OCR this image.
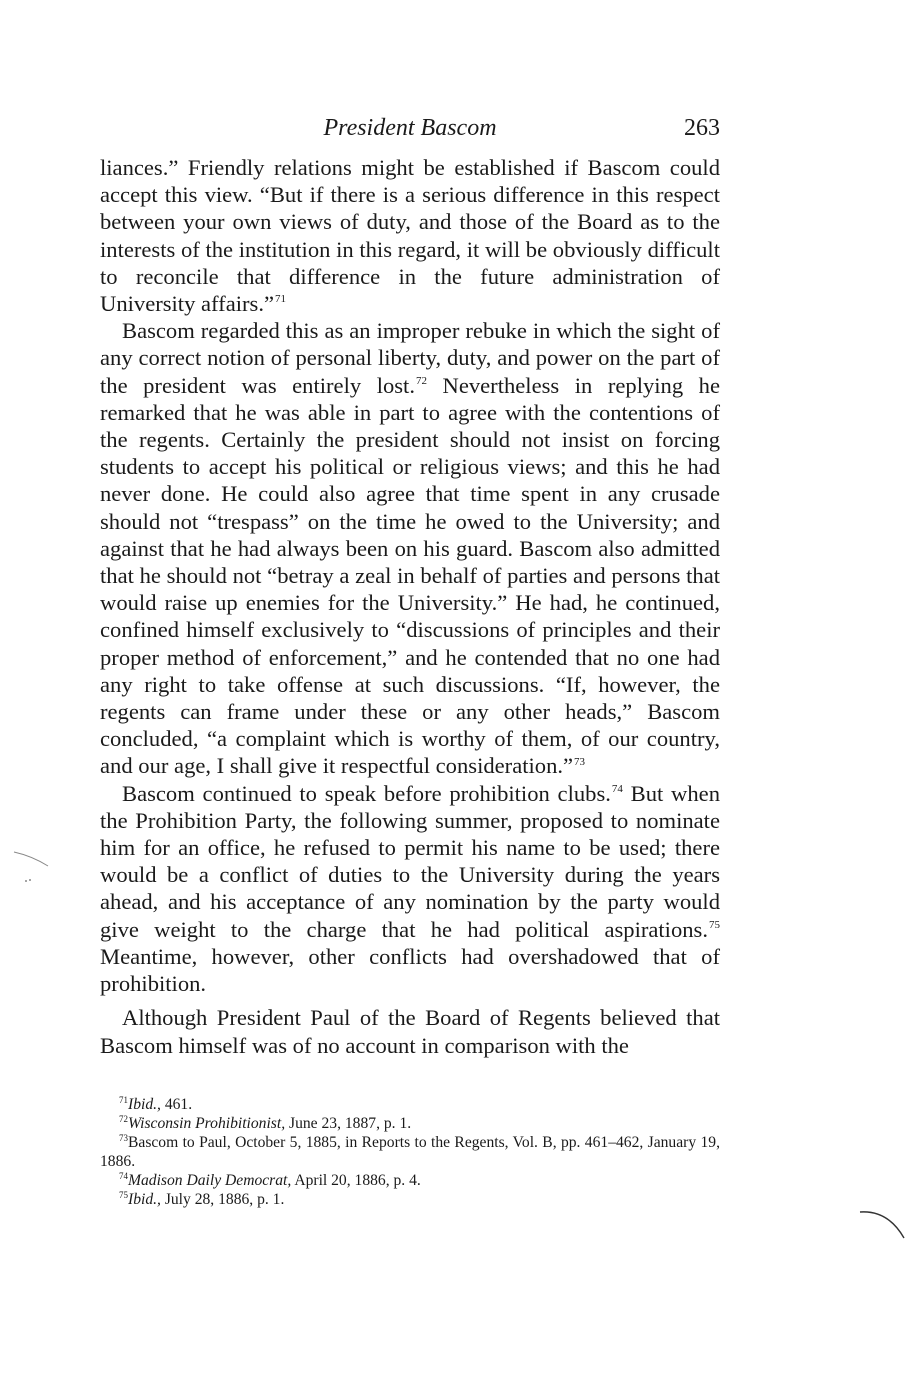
President Bascom	263

liances.” Friendly relations might be established if Bascom could accept this view. “But if there is a serious difference in this respect between your own views of duty, and those of the Board as to the interests of the institution in this regard, it will be obviously difficult to reconcile that difference in the future administration of University affairs.”$^{71}$

Bascom regarded this as an improper rebuke in which the sight of any correct notion of personal liberty, duty, and power on the part of the president was entirely lost.$^{72}$ Nevertheless in replying he remarked that he was able in part to agree with the contentions of the regents. Certainly the president should not insist on forcing students to accept his political or religious views; and this he had never done. He could also agree that time spent in any crusade should not “trespass” on the time he owed to the University; and against that he had always been on his guard. Bascom also admitted that he should not “betray a zeal in behalf of parties and persons that would raise up enemies for the University.” He had, he continued, confined himself exclusively to “discussions of principles and their proper method of enforcement,” and he contended that no one had any right to take offense at such discussions. “If, however, the regents can frame under these or any other heads,” Bascom concluded, “a complaint which is worthy of them, of our country, and our age, I shall give it respectful consideration.”$^{73}$

Bascom continued to speak before prohibition clubs.$^{74}$ But when the Prohibition Party, the following summer, proposed to nominate him for an office, he refused to permit his name to be used; there would be a conflict of duties to the University during the years ahead, and his acceptance of any nomination by the party would give weight to the charge that he had political aspirations.$^{75}$ Meantime, however, other conflicts had overshadowed that of prohibition.

Although President Paul of the Board of Regents believed that Bascom himself was of no account in comparison with the

$^{71}$Ibid., 461.

$^{72}$Wisconsin Prohibitionist, June 23, 1887, p. 1.

$^{73}$Bascom to Paul, October 5, 1885, in Reports to the Regents, Vol. B, pp. 461–462, January 19, 1886.

$^{74}$Madison Daily Democrat, April 20, 1886, p. 4.

$^{75}$Ibid., July 28, 1886, p. 1.
